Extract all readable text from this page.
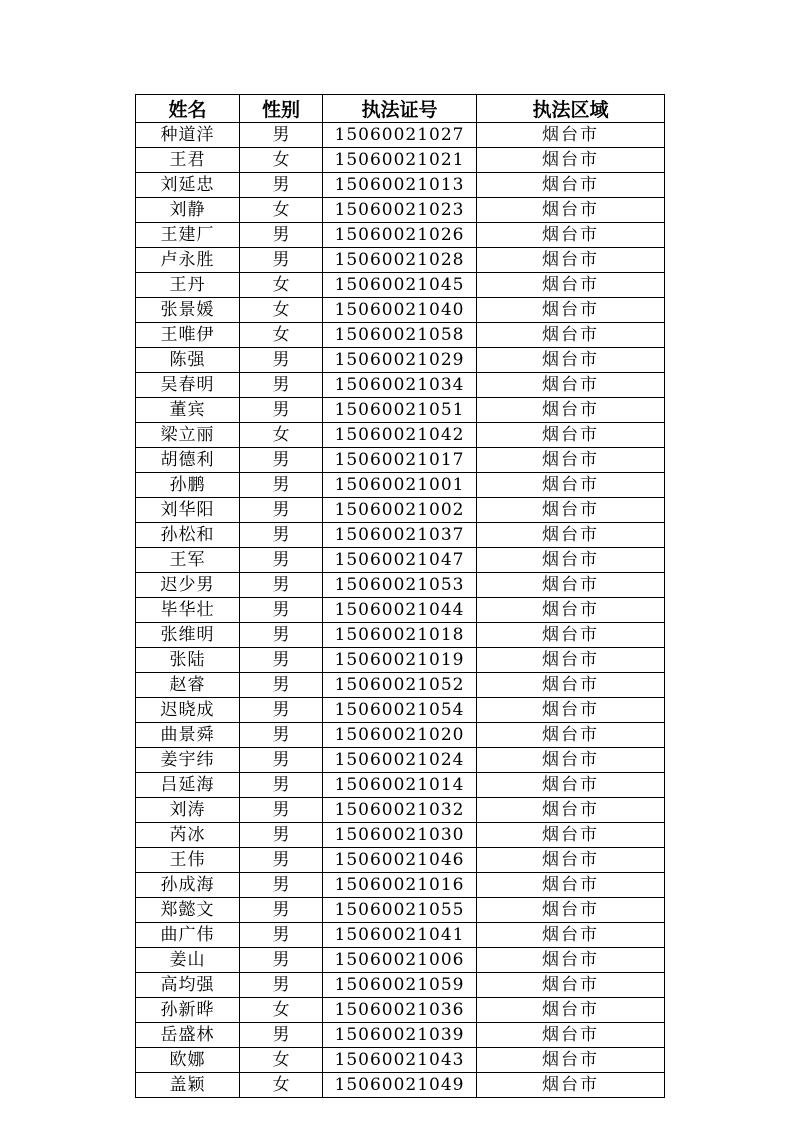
姓名	性别	执法证号	执法区域
种道洋	男	15060021027	烟台市
王君	女	15060021021	烟台市
刘延忠	男	15060021013	烟台市
刘静	女	15060021023	烟台市
王建厂	男	15060021026	烟台市
卢永胜	男	15060021028	烟台市
王丹	女	15060021045	烟台市
张景媛	女	15060021040	烟台市
王唯伊	女	15060021058	烟台市
陈强	男	15060021029	烟台市
吴春明	男	15060021034	烟台市
董宾	男	15060021051	烟台市
梁立丽	女	15060021042	烟台市
胡德利	男	15060021017	烟台市
孙鹏	男	15060021001	烟台市
刘华阳	男	15060021002	烟台市
孙松和	男	15060021037	烟台市
王军	男	15060021047	烟台市
迟少男	男	15060021053	烟台市
毕华壮	男	15060021044	烟台市
张维明	男	15060021018	烟台市
张陆	男	15060021019	烟台市
赵睿	男	15060021052	烟台市
迟晓成	男	15060021054	烟台市
曲景舜	男	15060021020	烟台市
姜宇纬	男	15060021024	烟台市
吕延海	男	15060021014	烟台市
刘涛	男	15060021032	烟台市
芮冰	男	15060021030	烟台市
王伟	男	15060021046	烟台市
孙成海	男	15060021016	烟台市
郑懿文	男	15060021055	烟台市
曲广伟	男	15060021041	烟台市
姜山	男	15060021006	烟台市
高均强	男	15060021059	烟台市
孙新晔	女	15060021036	烟台市
岳盛林	男	15060021039	烟台市
欧娜	女	15060021043	烟台市
盖颖	女	15060021049	烟台市
